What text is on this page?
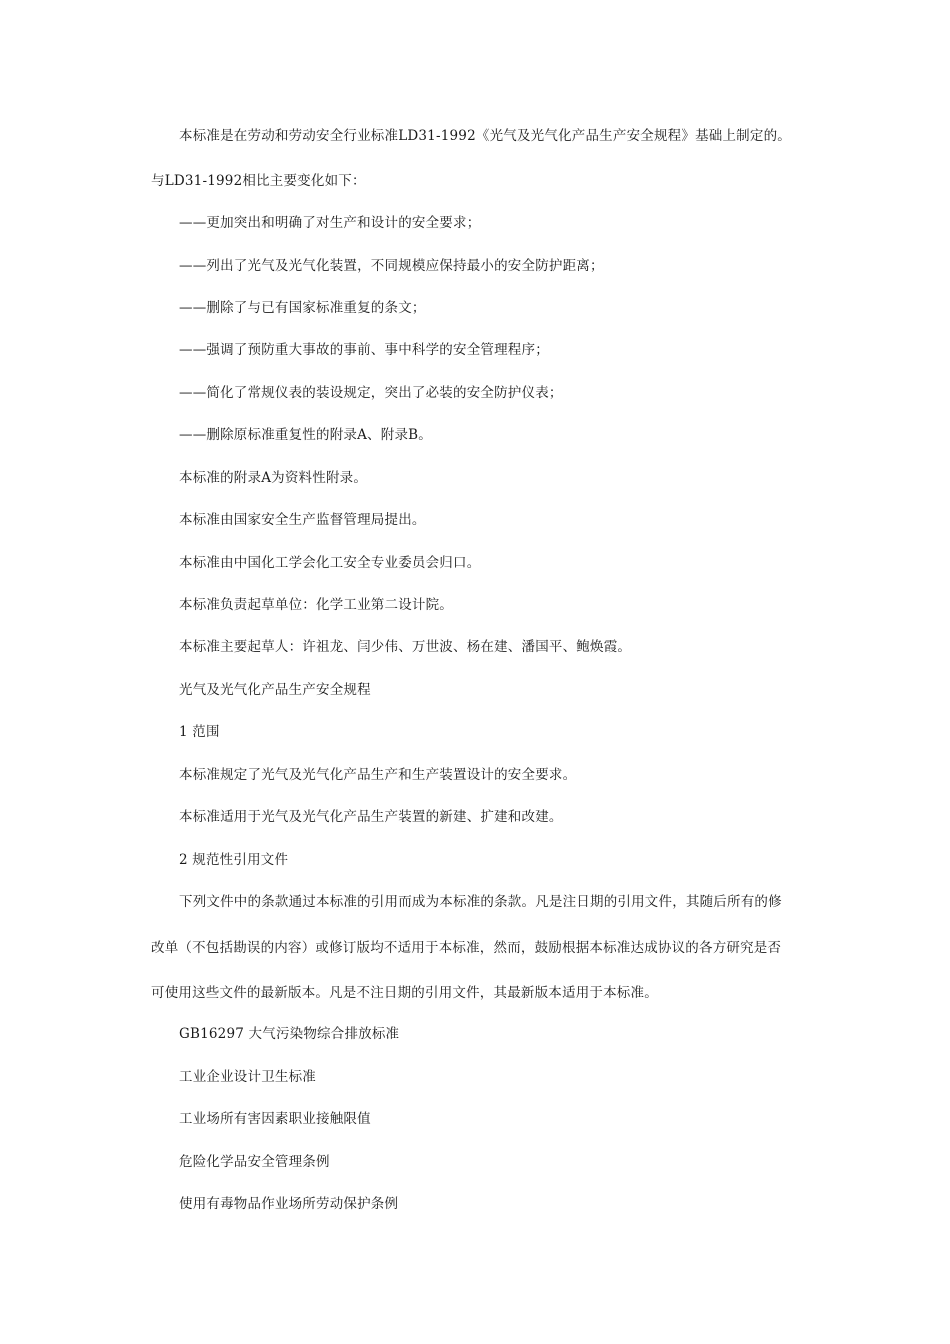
本标准是在劳动和劳动安全行业标准LD31-1992《光气及光气化产品生产安全规程》基础上制定的。
与LD31-1992相比主要变化如下：
——更加突出和明确了对生产和设计的安全要求；
——列出了光气及光气化装置，不同规模应保持最小的安全防护距离；
——删除了与已有国家标准重复的条文；
——强调了预防重大事故的事前、事中科学的安全管理程序；
——简化了常规仪表的装设规定，突出了必装的安全防护仪表；
——删除原标准重复性的附录A、附录B。
本标准的附录A为资料性附录。
本标准由国家安全生产监督管理局提出。
本标准由中国化工学会化工安全专业委员会归口。
本标准负责起草单位：化学工业第二设计院。
本标准主要起草人：许祖龙、闫少伟、万世波、杨在建、潘国平、鲍焕霞。
光气及光气化产品生产安全规程
1 范围
本标准规定了光气及光气化产品生产和生产装置设计的安全要求。
本标准适用于光气及光气化产品生产装置的新建、扩建和改建。
2 规范性引用文件
下列文件中的条款通过本标准的引用而成为本标准的条款。凡是注日期的引用文件，其随后所有的修
改单（不包括勘误的内容）或修订版均不适用于本标准，然而，鼓励根据本标准达成协议的各方研究是否
可使用这些文件的最新版本。凡是不注日期的引用文件，其最新版本适用于本标准。
GB16297 大气污染物综合排放标准
工业企业设计卫生标准
工业场所有害因素职业接触限值
危险化学品安全管理条例
使用有毒物品作业场所劳动保护条例
